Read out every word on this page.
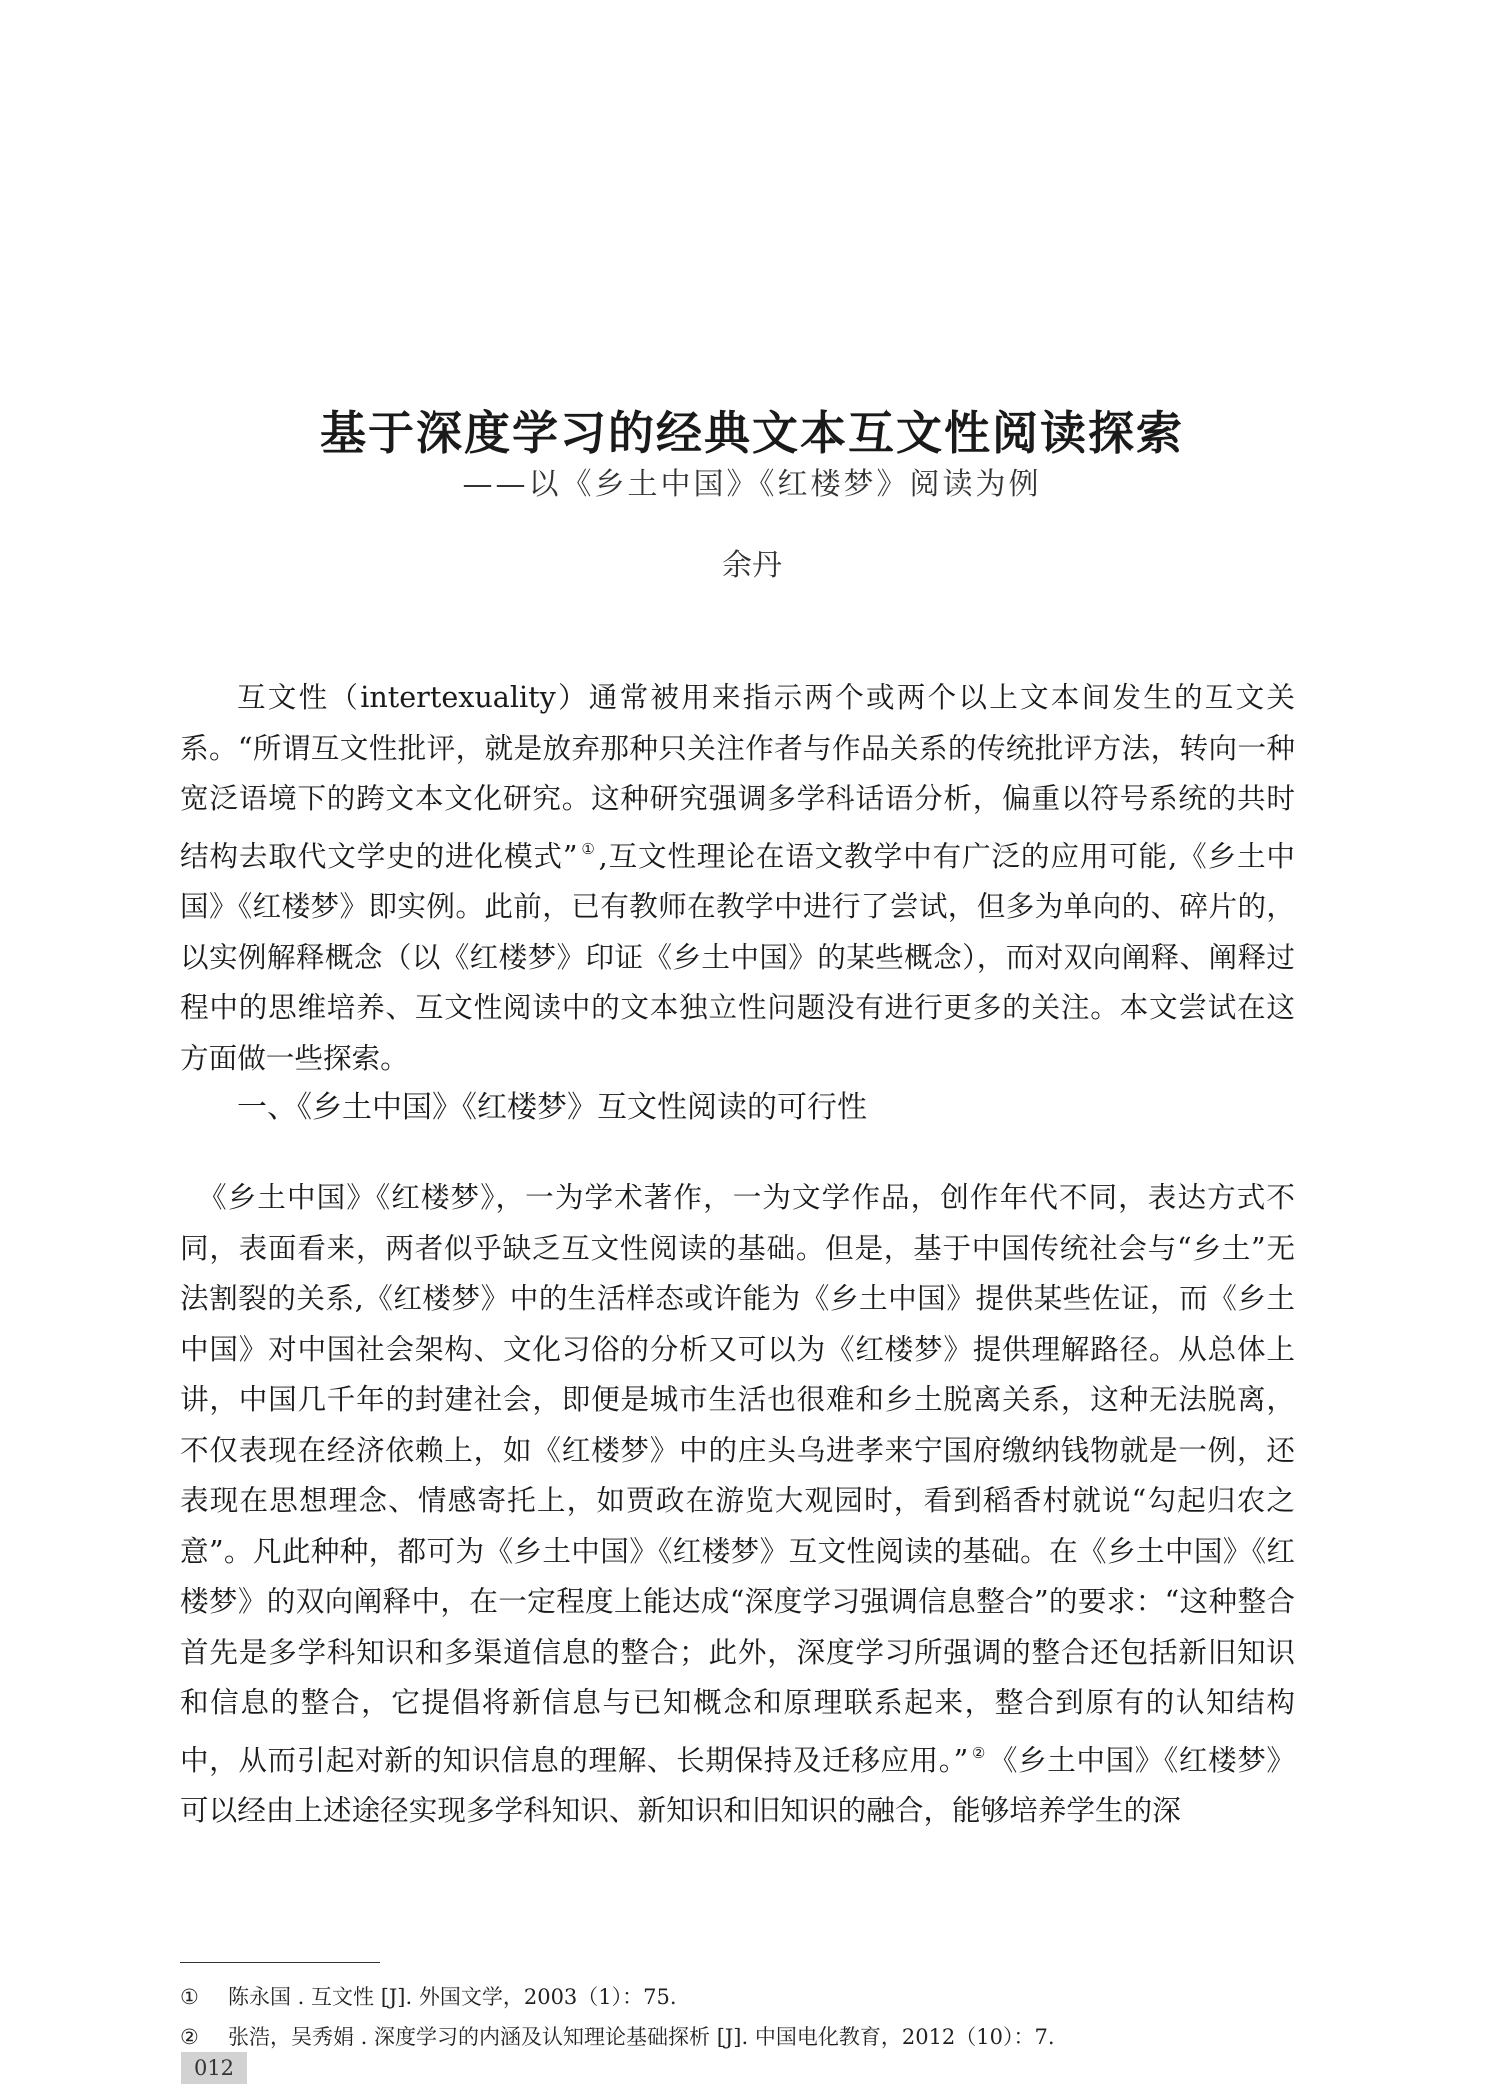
基于深度学习的经典文本互文性阅读探索
——以《乡土中国》《红楼梦》阅读为例
余丹

互文性（intertexuality）通常被用来指示两个或两个以上文本间发生的互文关系。“所谓互文性批评，就是放弃那种只关注作者与作品关系的传统批评方法，转向一种宽泛语境下的跨文本文化研究。这种研究强调多学科话语分析，偏重以符号系统的共时结构去取代文学史的进化模式” ① ,互文性理论在语文教学中有广泛的应用可能,《乡土中国》《红楼梦》即实例。此前，已有教师在教学中进行了尝试，但多为单向的、碎片的，以实例解释概念（以《红楼梦》印证《乡土中国》的某些概念），而对双向阐释、阐释过程中的思维培养、互文性阅读中的文本独立性问题没有进行更多的关注。本文尝试在这方面做一些探索。

一、《乡土中国》《红楼梦》互文性阅读的可行性

《乡土中国》《红楼梦》，一为学术著作，一为文学作品，创作年代不同，表达方式不同，表面看来，两者似乎缺乏互文性阅读的基础。但是，基于中国传统社会与“乡土”无法割裂的关系,《红楼梦》中的生活样态或许能为《乡土中国》提供某些佐证，而《乡土中国》对中国社会架构、文化习俗的分析又可以为《红楼梦》提供理解路径。从总体上讲，中国几千年的封建社会，即便是城市生活也很难和乡土脱离关系，这种无法脱离，不仅表现在经济依赖上，如《红楼梦》中的庄头乌进孝来宁国府缴纳钱物就是一例，还表现在思想理念、情感寄托上，如贾政在游览大观园时，看到稻香村就说“勾起归农之意”。凡此种种，都可为《乡土中国》《红楼梦》互文性阅读的基础。在《乡土中国》《红楼梦》的双向阐释中，在一定程度上能达成“深度学习强调信息整合”的要求：“这种整合首先是多学科知识和多渠道信息的整合；此外，深度学习所强调的整合还包括新旧知识和信息的整合，它提倡将新信息与已知概念和原理联系起来，整合到原有的认知结构中，从而引起对新的知识信息的理解、长期保持及迁移应用。” ② 《乡土中国》《红楼梦》可以经由上述途径实现多学科知识、新知识和旧知识的融合，能够培养学生的深

① 陈永国 . 互文性 [J]. 外国文学，2003（1）：75.
② 张浩，吴秀娟 . 深度学习的内涵及认知理论基础探析 [J]. 中国电化教育，2012（10）：7.
012
